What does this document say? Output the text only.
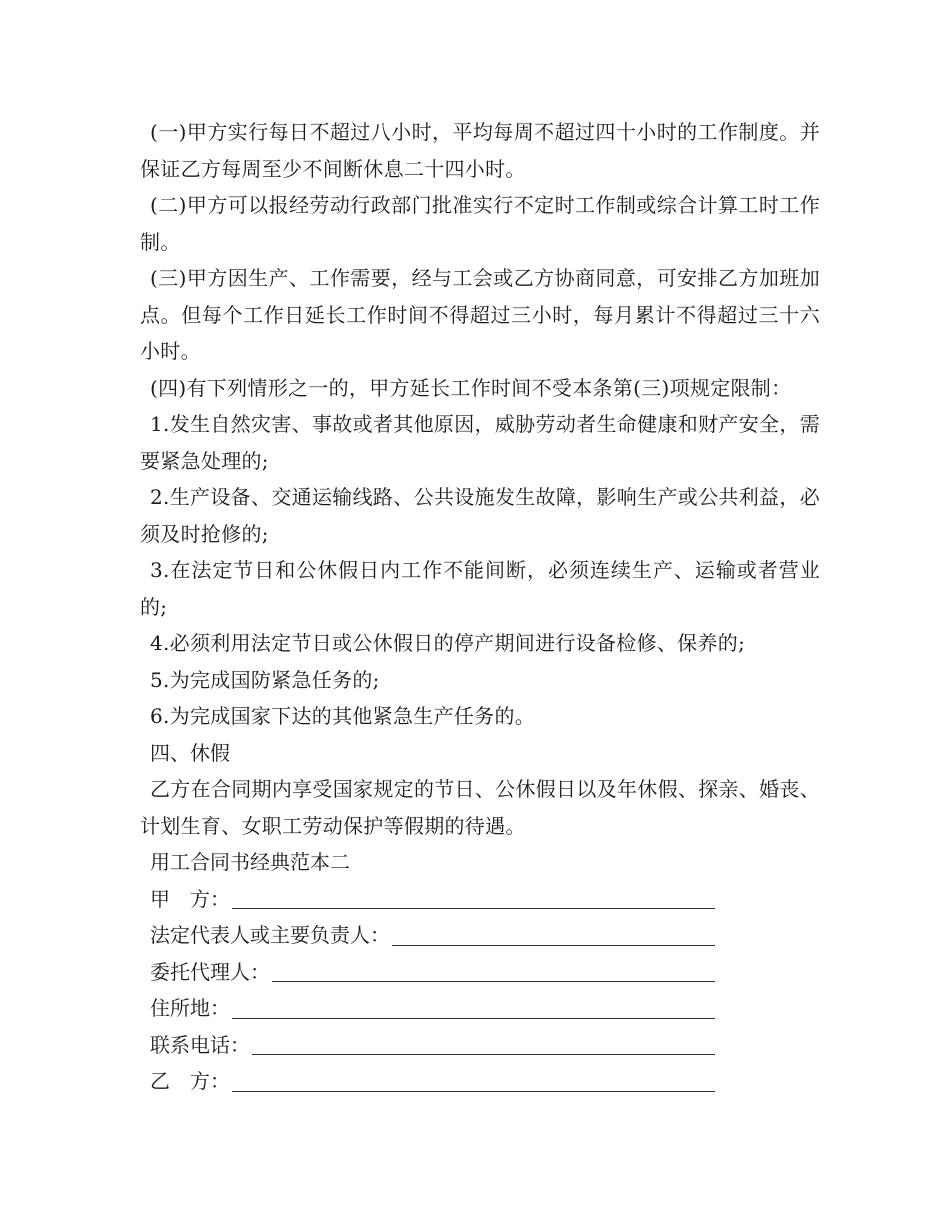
(一)甲方实行每日不超过八小时，平均每周不超过四十小时的工作制度。并保证乙方每周至少不间断休息二十四小时。

(二)甲方可以报经劳动行政部门批准实行不定时工作制或综合计算工时工作制。

(三)甲方因生产、工作需要，经与工会或乙方协商同意，可安排乙方加班加点。但每个工作日延长工作时间不得超过三小时，每月累计不得超过三十六小时。

(四)有下列情形之一的，甲方延长工作时间不受本条第(三)项规定限制：

1.发生自然灾害、事故或者其他原因，威胁劳动者生命健康和财产安全，需要紧急处理的;

2.生产设备、交通运输线路、公共设施发生故障，影响生产或公共利益，必须及时抢修的;

3.在法定节日和公休假日内工作不能间断，必须连续生产、运输或者营业的;

4.必须利用法定节日或公休假日的停产期间进行设备检修、保养的;

5.为完成国防紧急任务的;

6.为完成国家下达的其他紧急生产任务的。

四、休假

乙方在合同期内享受国家规定的节日、公休假日以及年休假、探亲、婚丧、计划生育、女职工劳动保护等假期的待遇。

用工合同书经典范本二

甲　方：
法定代表人或主要负责人：
委托代理人：
住所地：
联系电话：
乙　方：
